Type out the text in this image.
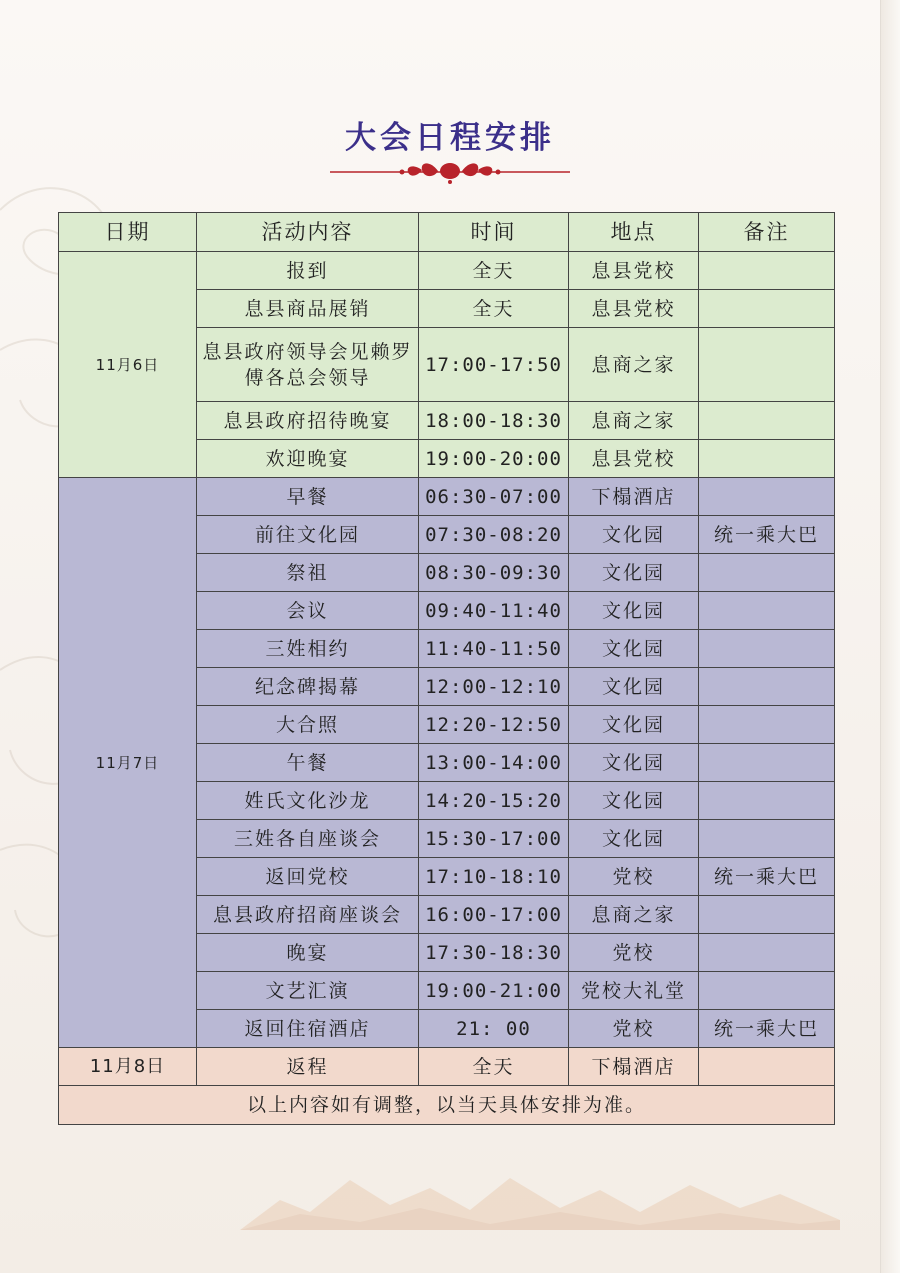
大会日程安排
日期	活动内容	时间	地点	备注
11月6日	报到	全天	息县党校	
	息县商品展销	全天	息县党校	
	息县政府领导会见赖罗傅各总会领导	17:00-17:50	息商之家	
	息县政府招待晚宴	18:00-18:30	息商之家	
	欢迎晚宴	19:00-20:00	息县党校	
11月7日	早餐	06:30-07:00	下榻酒店	
	前往文化园	07:30-08:20	文化园	统一乘大巴
	祭祖	08:30-09:30	文化园	
	会议	09:40-11:40	文化园	
	三姓相约	11:40-11:50	文化园	
	纪念碑揭幕	12:00-12:10	文化园	
	大合照	12:20-12:50	文化园	
	午餐	13:00-14:00	文化园	
	姓氏文化沙龙	14:20-15:20	文化园	
	三姓各自座谈会	15:30-17:00	文化园	
	返回党校	17:10-18:10	党校	统一乘大巴
	息县政府招商座谈会	16:00-17:00	息商之家	
	晚宴	17:30-18:30	党校	
	文艺汇演	19:00-21:00	党校大礼堂	
	返回住宿酒店	21: 00	党校	统一乘大巴
11月8日	返程	全天	下榻酒店	
以上内容如有调整，以当天具体安排为准。				
